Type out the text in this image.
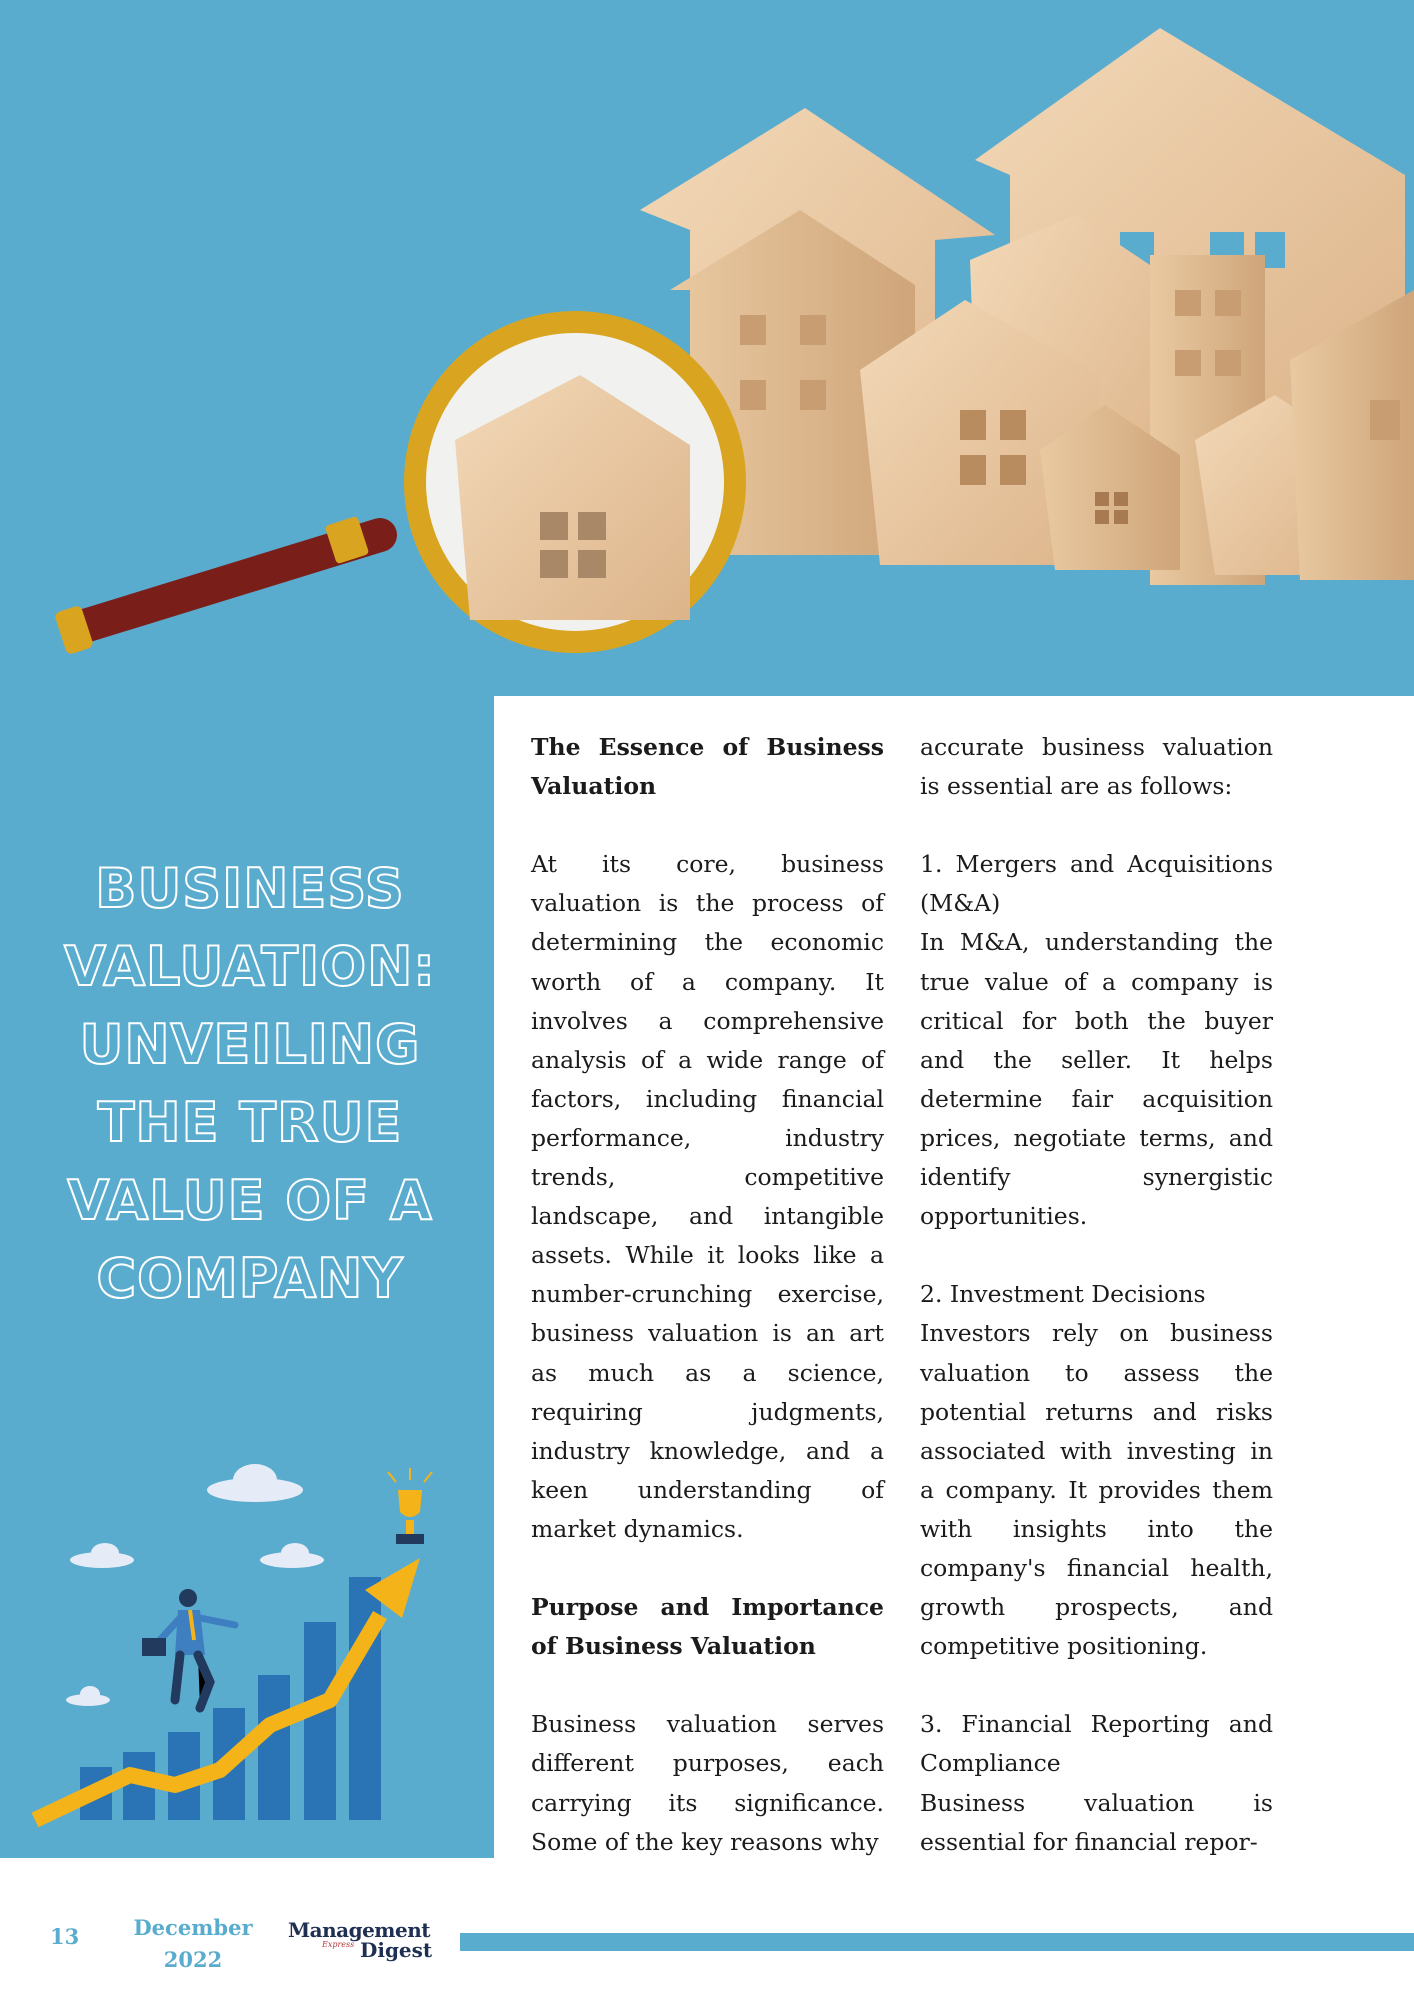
BUSINESS
VALUATION:
UNVEILING
THE TRUE
VALUE OF A
COMPANY

The Essence of Business Valuation

At its core, business valuation is the process of determining the economic worth of a company. It involves a comprehensive analysis of a wide range of factors, including financial performance, industry trends, competitive landscape, and intangible assets. While it looks like a number-crunching exercise, business valuation is an art as much as a science, requiring judgments, industry knowledge, and a keen understanding of market dynamics.

Purpose and Importance of Business Valuation

Business valuation serves different purposes, each carrying its significance. Some of the key reasons why

accurate business valuation is essential are as follows:

1. Mergers and Acquisitions (M&A)

In M&A, understanding the true value of a company is critical for both the buyer and the seller. It helps determine fair acquisition prices, negotiate terms, and identify synergistic opportunities.

2. Investment Decisions

Investors rely on business valuation to assess the potential returns and risks associated with investing in a company. It provides them with insights into the company's financial health, growth prospects, and competitive positioning.

3. Financial Reporting and Compliance

Business valuation is essential for financial repor-

13	December
2022
Management
Express Digest
